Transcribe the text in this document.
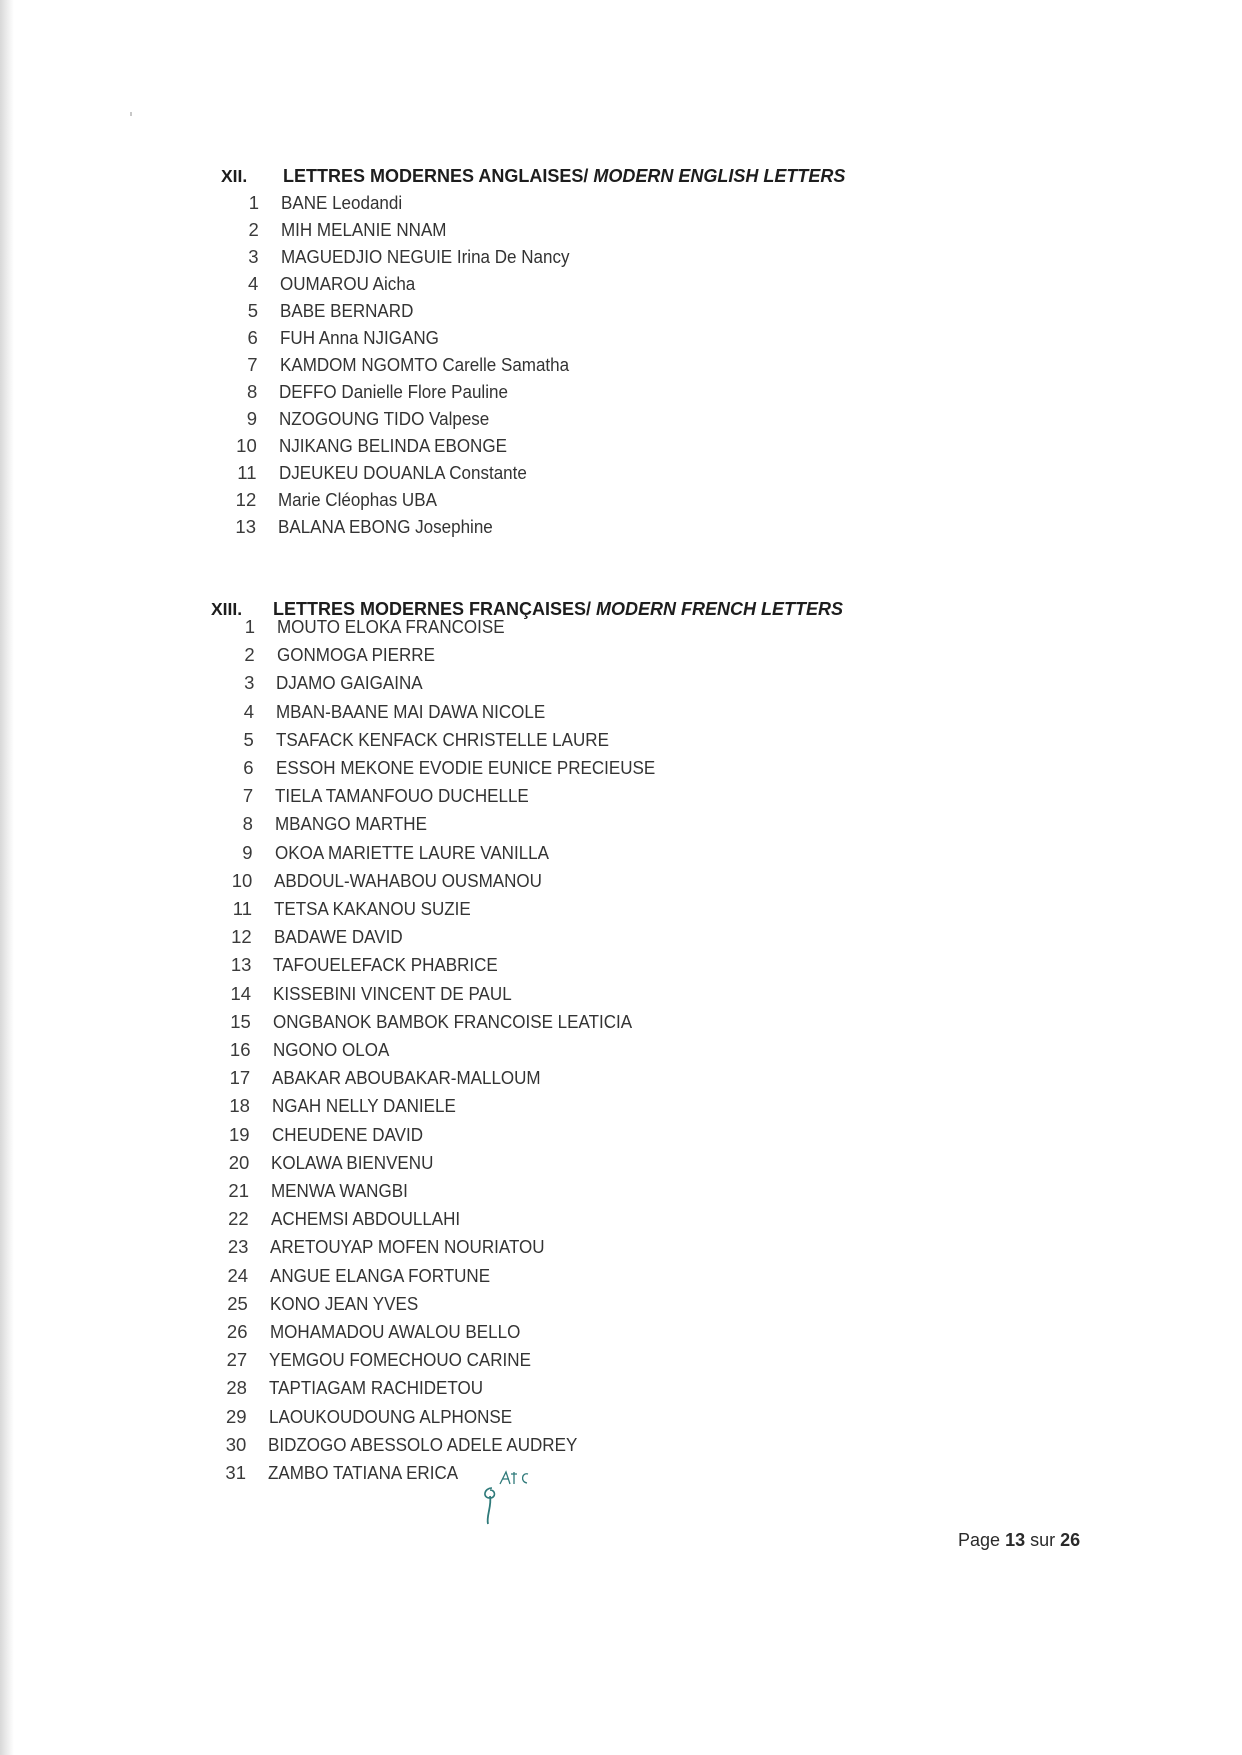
XII. LETTRES MODERNES ANGLAISES/ MODERN ENGLISH LETTERS
XIII. LETTRES MODERNES FRANÇAISES/ MODERN FRENCH LETTERS
1 BANE Leodandi
2 MIH MELANIE NNAM
3 MAGUEDJIO NEGUIE Irina De Nancy
4 OUMAROU Aicha
5 BABE BERNARD
6 FUH Anna NJIGANG
7 KAMDOM NGOMTO Carelle Samatha
8 DEFFO Danielle Flore Pauline
9 NZOGOUNG TIDO Valpese
10 NJIKANG BELINDA EBONGE
11 DJEUKEU DOUANLA Constante
12 Marie Cléophas UBA
13 BALANA EBONG Josephine
1 MOUTO ELOKA FRANCOISE
2 GONMOGA PIERRE
3 DJAMO GAIGAINA
4 MBAN-BAANE MAI DAWA NICOLE
5 TSAFACK KENFACK CHRISTELLE LAURE
6 ESSOH MEKONE EVODIE EUNICE PRECIEUSE
7 TIELA TAMANFOUO DUCHELLE
8 MBANGO MARTHE
9 OKOA MARIETTE LAURE VANILLA
10 ABDOUL-WAHABOU OUSMANOU
11 TETSA KAKANOU SUZIE
12 BADAWE DAVID
13 TAFOUELEFACK PHABRICE
14 KISSEBINI VINCENT DE PAUL
15 ONGBANOK BAMBOK FRANCOISE LEATICIA
16 NGONO OLOA
17 ABAKAR ABOUBAKAR-MALLOUM
18 NGAH NELLY DANIELE
19 CHEUDENE DAVID
20 KOLAWA BIENVENU
21 MENWA WANGBI
22 ACHEMSI ABDOULLAHI
23 ARETOUYAP MOFEN NOURIATOU
24 ANGUE ELANGA FORTUNE
25 KONO JEAN YVES
26 MOHAMADOU AWALOU BELLO
27 YEMGOU FOMECHOUO CARINE
28 TAPTIAGAM RACHIDETOU
29 LAOUKOUDOUNG ALPHONSE
30 BIDZOGO ABESSOLO ADELE AUDREY
31 ZAMBO TATIANA ERICA
Page 13 sur 26
